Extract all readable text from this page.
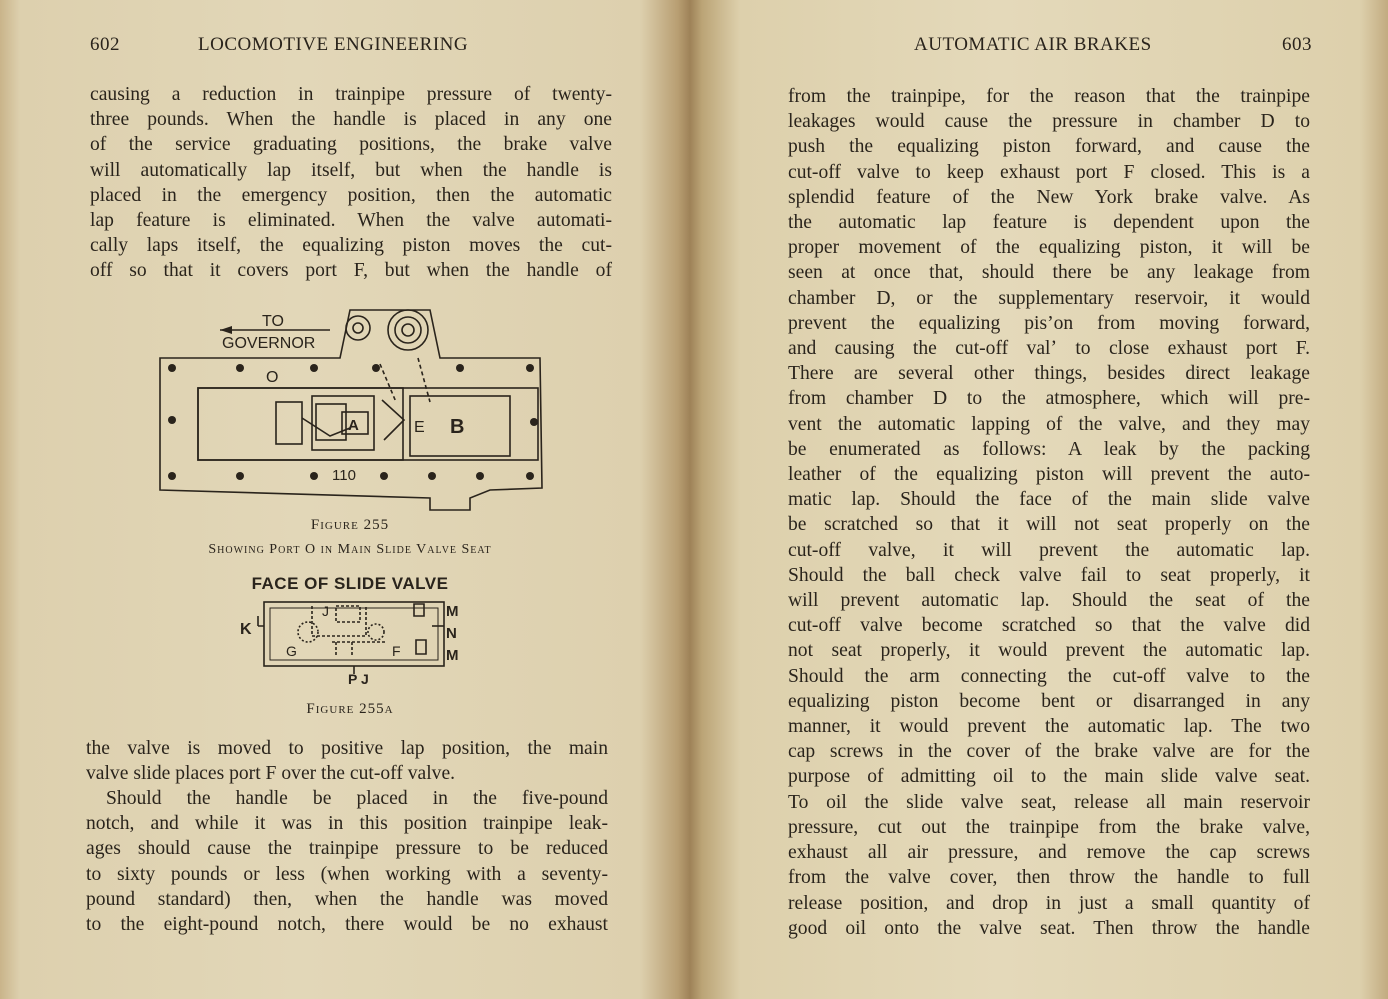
602	LOCOMOTIVE ENGINEERING
causing a reduction in trainpipe pressure of twenty-
three pounds. When the handle is placed in any one
of the service graduating positions, the brake valve
will automatically lap itself, but when the handle is
placed in the emergency position, then the automatic
lap feature is eliminated. When the valve automati-
cally laps itself, the equalizing piston moves the cut-
off so that it covers port F, but when the handle of
TO
GOVERNOR
O
A	E B
110
Figure 255
Showing Port O in Main Slide Valve Seat
FACE OF SLIDE VALVE
K
J
G	F
M
N
M
P J
Figure 255a
the valve is moved to positive lap position, the main
valve slide places port F over the cut-off valve.
Should the handle be placed in the five-pound
notch, and while it was in this position trainpipe leak-
ages should cause the trainpipe pressure to be reduced
to sixty pounds or less (when working with a seventy-
pound standard) then, when the handle was moved
to the eight-pound notch, there would be no exhaust
AUTOMATIC AIR BRAKES	603
from the trainpipe, for the reason that the trainpipe
leakages would cause the pressure in chamber D to
push the equalizing piston forward, and cause the
cut-off valve to keep exhaust port F closed. This is a
splendid feature of the New York brake valve. As
the automatic lap feature is dependent upon the
proper movement of the equalizing piston, it will be
seen at once that, should there be any leakage from
chamber D, or the supplementary reservoir, it would
prevent the equalizing pis’on from moving forward,
and causing the cut-off valʼ to close exhaust port F.
There are several other things, besides direct leakage
from chamber D to the atmosphere, which will pre-
vent the automatic lapping of the valve, and they may
be enumerated as follows: A leak by the packing
leather of the equalizing piston will prevent the auto-
matic lap. Should the face of the main slide valve
be scratched so that it will not seat properly on the
cut-off valve, it will prevent the automatic lap.
Should the ball check valve fail to seat properly, it
will prevent automatic lap. Should the seat of the
cut-off valve become scratched so that the valve did
not seat properly, it would prevent the automatic lap.
Should the arm connecting the cut-off valve to the
equalizing piston become bent or disarranged in any
manner, it would prevent the automatic lap. The two
cap screws in the cover of the brake valve are for the
purpose of admitting oil to the main slide valve seat.
To oil the slide valve seat, release all main reservoir
pressure, cut out the trainpipe from the brake valve,
exhaust all air pressure, and remove the cap screws
from the valve cover, then throw the handle to full
release position, and drop in just a small quantity of
good oil onto the valve seat. Then throw the handle
